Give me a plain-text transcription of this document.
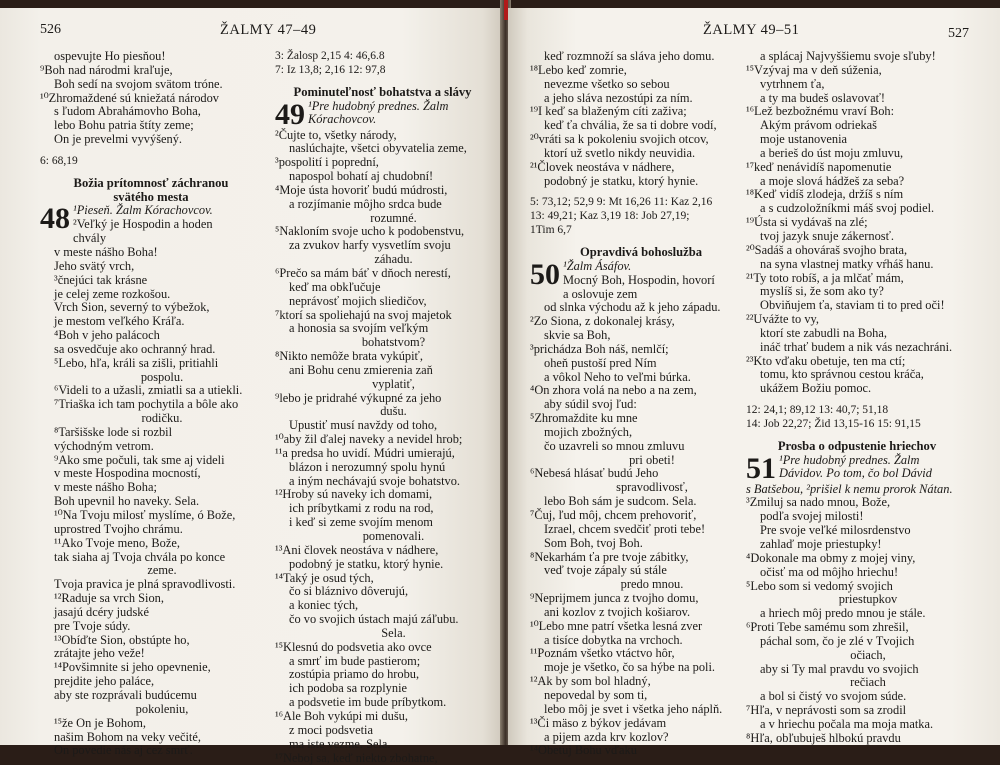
526	ŽALMY 47–49
ospevujte Ho piesňou!
⁹Boh nad národmi kraľuje,
Boh sedí na svojom svätom tróne.
¹⁰Zhromaždené sú kniežatá národov
s ľudom Abrahámovho Boha,
lebo Bohu patria štíty zeme;
On je prevelmi vyvýšený.
6: 68,19
Božia prítomnosť záchranou
svätého mesta
48 ¹Pieseň. Žalm Kórachovcov.
²Veľký je Hospodin a hoden
chvály
v meste nášho Boha!
Jeho svätý vrch,
³čnejúci tak krásne
je celej zeme rozkošou.
Vrch Sion, severný to výbežok,
je mestom veľkého Kráľa.
⁴Boh v jeho palácoch
sa osvedčuje ako ochranný hrad.
⁵Lebo, hľa, králi sa zišli, pritiahli
pospolu.
⁶Videli to a užasli, zmiatli sa a utiekli.
⁷Triaška ich tam pochytila a bôle ako
rodičku.
⁸Taršišske lode si rozbil
východným vetrom.
⁹Ako sme počuli, tak sme aj videli
v meste Hospodina mocností,
v meste nášho Boha;
Boh upevnil ho naveky. Sela.
¹⁰Na Tvoju milosť myslíme, ó Bože,
uprostred Tvojho chrámu.
¹¹Ako Tvoje meno, Bože,
tak siaha aj Tvoja chvála po konce
zeme.
Tvoja pravica je plná spravodlivosti.
¹²Raduje sa vrch Sion,
jasajú dcéry judské
pre Tvoje súdy.
¹³Obíďte Sion, obstúpte ho,
zrátajte jeho veže!
¹⁴Povšimnite si jeho opevnenie,
prejdite jeho paláce,
aby ste rozprávali budúcemu
pokoleniu,
¹⁵že On je Bohom,
našim Bohom na veky večité,
On povedie nás aj cez smrť.
3: Žalosp 2,15 4: 46,6.8
7: Iz 13,8; 2,16 12: 97,8
Pominuteľnosť bohatstva a slávy
49 ¹Pre hudobný prednes. Žalm
Kórachovcov.
²Čujte to, všetky národy,
naslúchajte, všetci obyvatelia zeme,
³pospolití i poprední,
napospol bohatí aj chudobní!
⁴Moje ústa hovoriť budú múdrosti,
a rozjímanie môjho srdca bude
rozumné.
⁵Nakloním svoje ucho k podobenstvu,
za zvukov harfy vysvetlím svoju
záhadu.
⁶Prečo sa mám báť v dňoch nerestí,
keď ma obkľučuje
neprávosť mojich sliedičov,
⁷ktorí sa spoliehajú na svoj majetok
a honosia sa svojím veľkým
bohatstvom?
⁸Nikto nemôže brata vykúpiť,
ani Bohu cenu zmierenia zaň
vyplatiť,
⁹lebo je pridrahé výkupné za jeho
dušu.
Upustiť musí navždy od toho,
¹⁰aby žil ďalej naveky a nevidel hrob;
¹¹a predsa ho uvidí. Múdri umierajú,
blázon i nerozumný spolu hynú
a iným nechávajú svoje bohatstvo.
¹²Hroby sú naveky ich domami,
ich príbytkami z rodu na rod,
i keď si zeme svojím menom
pomenovali.
¹³Ani človek neostáva v nádhere,
podobný je statku, ktorý hynie.
¹⁴Taký je osud tých,
čo si bláznivo dôverujú,
a koniec tých,
čo vo svojich ústach majú záľubu.
Sela.
¹⁵Klesnú do podsvetia ako ovce
a smrť im bude pastierom;
zostúpia priamo do hrobu,
ich podoba sa rozplynie
a podsvetie im bude príbytkom.
¹⁶Ale Boh vykúpi mi dušu,
z moci podsvetia
ma iste vezme. Sela.
¹⁷Neboj sa, keď niekto zbohatne,
ŽALMY 49–51	527
keď rozmnoží sa sláva jeho domu.
¹⁸Lebo keď zomrie,
nevezme všetko so sebou
a jeho sláva nezostúpi za ním.
¹⁹I keď sa blaženým cíti zaživa;
keď ťa chvália, že sa ti dobre vodí,
²⁰vráti sa k pokoleniu svojich otcov,
ktorí už svetlo nikdy neuvidia.
²¹Človek neostáva v nádhere,
podobný je statku, ktorý hynie.
5: 73,12; 52,9 9: Mt 16,26 11: Kaz 2,16
13: 49,21; Kaz 3,19 18: Job 27,19;
1Tim 6,7
Opravdivá bohoslužba
50 ¹Žalm Ásáfov.
Mocný Boh, Hospodin, hovorí
a oslovuje zem
od slnka východu až k jeho západu.
²Zo Siona, z dokonalej krásy,
skvie sa Boh,
³prichádza Boh náš, nemlčí;
oheň pustoší pred Ním
a vôkol Neho to veľmi búrka.
⁴On zhora volá na nebo a na zem,
aby súdil svoj ľud:
⁵Zhromaždite ku mne
mojich zbožných,
čo uzavreli so mnou zmluvu
pri obeti!
⁶Nebesá hlásať budú Jeho
spravodlivosť,
lebo Boh sám je sudcom. Sela.
⁷Čuj, ľud môj, chcem prehovoriť,
Izrael, chcem svedčiť proti tebe!
Som Boh, tvoj Boh.
⁸Nekarhám ťa pre tvoje zábitky,
veď tvoje zápaly sú stále
predo mnou.
⁹Neprijmem junca z tvojho domu,
ani kozlov z tvojich košiarov.
¹⁰Lebo mne patrí všetka lesná zver
a tisíce dobytka na vrchoch.
¹¹Poznám všetko vtáctvo hôr,
moje je všetko, čo sa hýbe na poli.
¹²Ak by som bol hladný,
nepovedal by som ti,
lebo môj je svet i všetka jeho náplň.
¹³Či mäso z býkov jedávam
a pijem azda krv kozlov?
¹⁴Obetuj Bohu vďaku
a splácaj Najvyššiemu svoje sľuby!
¹⁵Vzývaj ma v deň súženia,
vytrhnem ťa,
a ty ma budeš oslavovať!
¹⁶Lež bezbožnému vraví Boh:
Akým právom odriekaš
moje ustanovenia
a berieš do úst moju zmluvu,
¹⁷keď nenávidíš napomenutie
a moje slová hádžeš za seba?
¹⁸Keď vidíš zlodeja, držíš s ním
a s cudzoložníkmi máš svoj podiel.
¹⁹Ústa si vydávaš na zlé;
tvoj jazyk snuje zákernosť.
²⁰Sadáš a ohováraš svojho brata,
na syna vlastnej matky vŕháš hanu.
²¹Ty toto robíš, a ja mlčať mám,
myslíš si, že som ako ty?
Obviňujem ťa, staviam ti to pred oči!
²²Uvážte to vy,
ktorí ste zabudli na Boha,
ináč trhať budem a nik vás nezachráni.
²³Kto vďaku obetuje, ten ma ctí;
tomu, kto správnou cestou kráča,
ukážem Božiu pomoc.
12: 24,1; 89,12 13: 40,7; 51,18
14: Job 22,27; Žid 13,15-16 15: 91,15
Prosba o odpustenie hriechov
51 ¹Pre hudobný prednes. Žalm
Dávidov. Po tom, čo bol Dávid
s Batšebou, ²prišiel k nemu prorok Nátan.
³Zmiluj sa nado mnou, Bože,
podľa svojej milosti!
Pre svoje veľké milosrdenstvo
zahlaď moje priestupky!
⁴Dokonale ma obmy z mojej viny,
očisť ma od môjho hriechu!
⁵Lebo som si vedomý svojich
priestupkov
a hriech môj predo mnou je stále.
⁶Proti Tebe samému som zhrešil,
páchal som, čo je zlé v Tvojich
očiach,
aby si Ty mal pravdu vo svojich
rečiach
a bol si čistý vo svojom súde.
⁷Hľa, v neprávosti som sa zrodil
a v hriechu počala ma moja matka.
⁸Hľa, obľubuješ hlbokú pravdu
